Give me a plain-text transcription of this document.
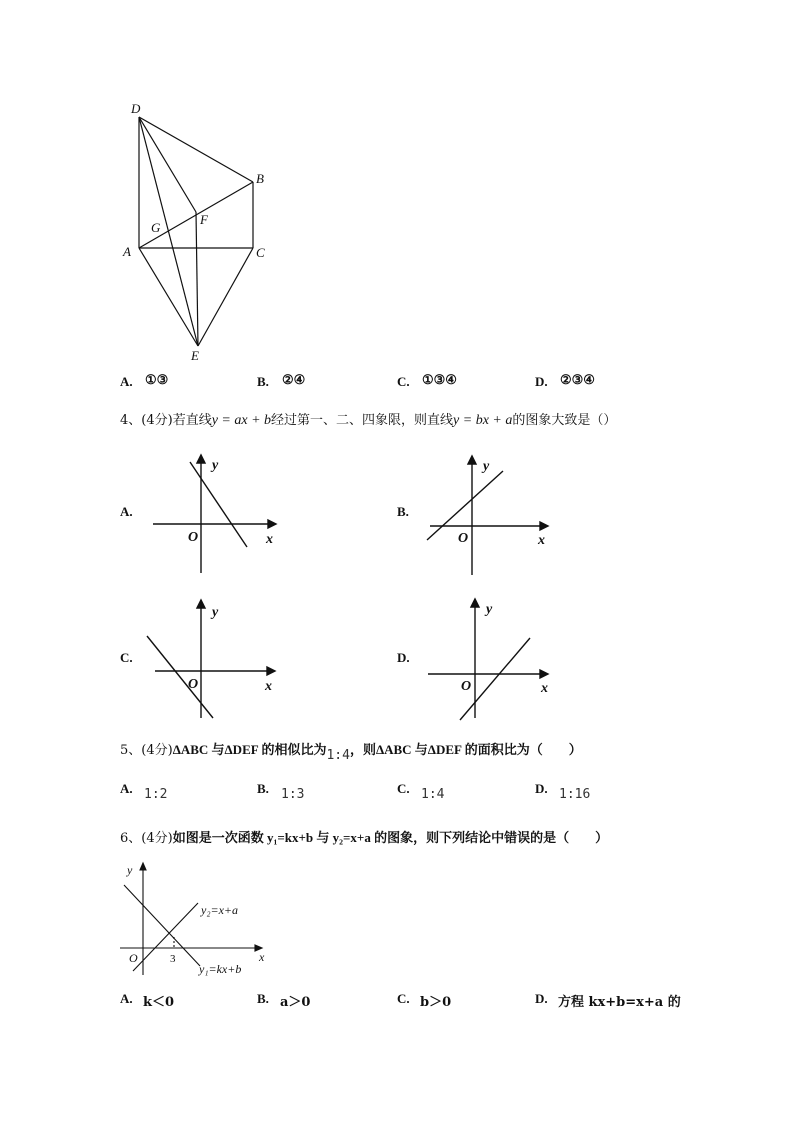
D
B
G
F
A	C
E
A. ①③	B. ②④	C. ①③④	D. ②③④
4、(4分)若直线y = ax + b经过第一、二、四象限，则直线y = bx + a的图象大致是（）
A.
y
O	x
B.
y
O	x
C.
y
O	x
D.
y
O	x
5、(4分)ΔABC 与ΔDEF 的相似比为1:4，则ΔABC 与ΔDEF 的面积比为（　　）
A. 1:2	B. 1:3	C. 1:4	D. 1:16
6、(4分)如图是一次函数 y₁=kx+b 与 y₂=x+a 的图象，则下列结论中错误的是（　　）
y
x
O
y₂=x+a
y₁=kx+b
3
A. k＜0	B. a＞0	C. b＞0	D. 方程 kx+b=x+a 的
